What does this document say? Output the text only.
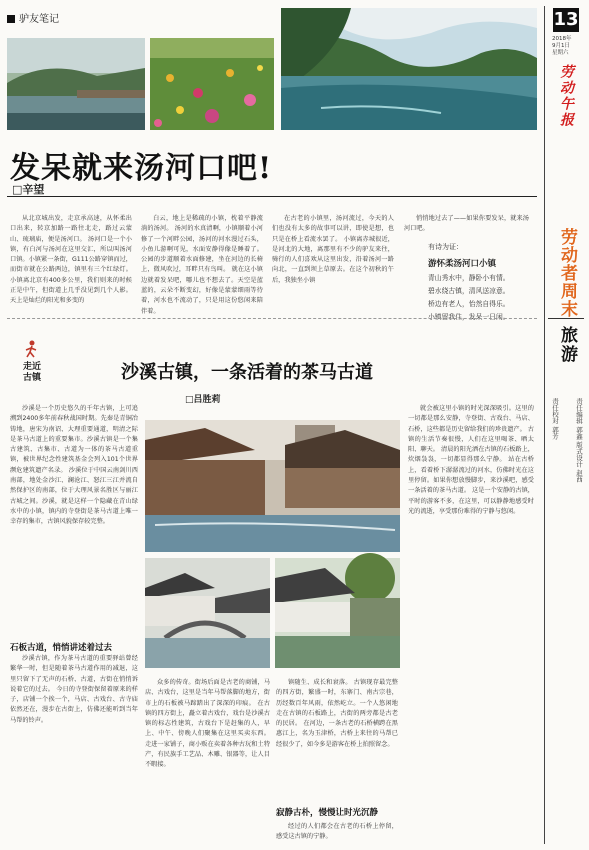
驴友笔记
发呆就来汤河口吧!
□辛望

从北京城出发，走京承高速，从怀柔出口出来，转京加路一路往北走，路过云蒙山、琉璃庙，便是汤河口。 汤河口是一个小镇，有白河与汤河在这里交汇，所以叫汤河口镇。小镇紧一条街，G111公路穿镇而过，而街市就在公路两边，镇里有三个红绿灯。小镇离北京有400多公里，我们则来的时候正是中午，但街道上几乎没见到几个人影。天上是灿烂的阳光和多变的

白云，地上是稀疏的小镇，枕着平静流淌的汤河。 汤河的水真清啊，小镇顺着小河修了一个河畔公园，汤河的河水漫过石头，小鱼儿游啊可见，水面安静得像是睡着了。公园的步道顺着水面修建，坐在河边的长椅上，微风吹过，耳畔只有鸟叫。 就在这小镇边就着发呆吧，哪儿也不想去了。天空是蓝蓝的，云朵不断变幻，好像是蒙蒙细雨等待着，河水也不流动了，只是用这份悠闲来陪伴着。

在古老的小镇里，汤河流过，今天的人们也没有太多的故事可以讲，即使是想，也只是在桥上看流水罢了。 小镇离赤城很近，是河北的大地，离那里有不少的驴友来往，骑行的人们喜欢从这里出发，沿着汤河一路向北，一直到坝上草原去。在这个初秋的午后，我独坐小镇

悄悄地过去了——如果你要发呆，就来汤河口吧。

有诗为证：
游怀柔汤河口小镇
青山秀水中，静卧小有情。
碧水绕古镇，清风送凉意。
桥边有老人，怡然自得乐。
小镇留我住，发呆一日闲。
走近
古镇	沙溪古镇，一条活着的茶马古道
□吕胜莉

沙溪是一个历史悠久的千年古镇，上可追溯到2400多年前春秋战国时期。先秦是青铜冶铸地，唐宋为南诏、大理重要通道，明清之际是茶马古道上的重要集市。沙溪古镇是一个集古建筑、古集市、古道为一体的茶马古道重镇，被世界纪念性建筑基金会列入101个世界濒危建筑遗产名录。 沙溪位于中国云南剑川西南部，地处金沙江、澜沧江、怒江三江并流自然保护区的南部，位于大理风景名胜区与丽江古城之间。沙溪，就是这样一个隐藏在青山绿水中的小镇，镇内的寺登街是茶马古道上唯一幸存的集市，古镇风貌保存较完整。

石板古道，悄悄讲述着过去

沙溪古镇，作为茶马古道的重要驿站曾经繁华一时，但是随着茶马古道作用的减退，这里只留下了无声的石桥、古道，古街在悄悄诉说着它的过去。 今日的寺登街保留着原来的样子，店铺一个挨一个，马店、古戏台、古寺庙依然还在，漫步在古街上，仿佛还能听到当年马帮的铃声。

众多的传奇。街场后面是古老的商铺，马店、古戏台，这里是当年马帮落脚的地方，街市上的石板被马蹄踏出了深深的印痕。 在古镇的四方街上，矗立着古戏台，戏台是沙溪古镇的标志性建筑，古戏台下是赶集的人，早上、中午、傍晚人们聚集在这里买卖东西。 走进一家铺子，商小贩在卖着各种古玩和土特产，有民族手工艺品、木雕、银器等，让人目不暇接。

镇随生、成长和衰落。 古镇现存最完整的四方街，繁盛一时，东寨门、南古宗巷，历经数百年风雨，依然屹立。一个人悠闲地走在古镇的石板路上，古街的两旁都是古老的民居。 在河边，一条古老的石桥横跨在黑惠江上，名为玉津桥，古桥上来往的马帮已经很少了，如今多是游客在桥上拍照留念。

寂静古朴，慢慢让时光沉静

经过的人们都会在古老的石桥上停留，感受这古镇的宁静。

就会被这里小镇的时光深深吸引。这里的一切都是那么安静，寺登街、古戏台、马店、石桥，这些都是历史留给我们的珍贵遗产。 古镇的生活节奏很慢，人们在这里喝茶、晒太阳、聊天。 清晨的阳光洒在古镇的石板路上，炊烟袅袅，一切都显得那么宁静。 站在古桥上，看着桥下潺潺流过的河水，仿佛时光在这里停留。如果你想放慢脚步，来沙溪吧，感受一条活着的茶马古道。 这是一个安静的古镇，平时的游客不多，在这里，可以静静地感受时光的流逝，享受那份难得的宁静与悠闲。

13
2018年
9月1日
星期六
劳动午报
劳动者周末
旅游
责任编辑 郭鑫 版式设计 赵西
责任校对 郭芳
